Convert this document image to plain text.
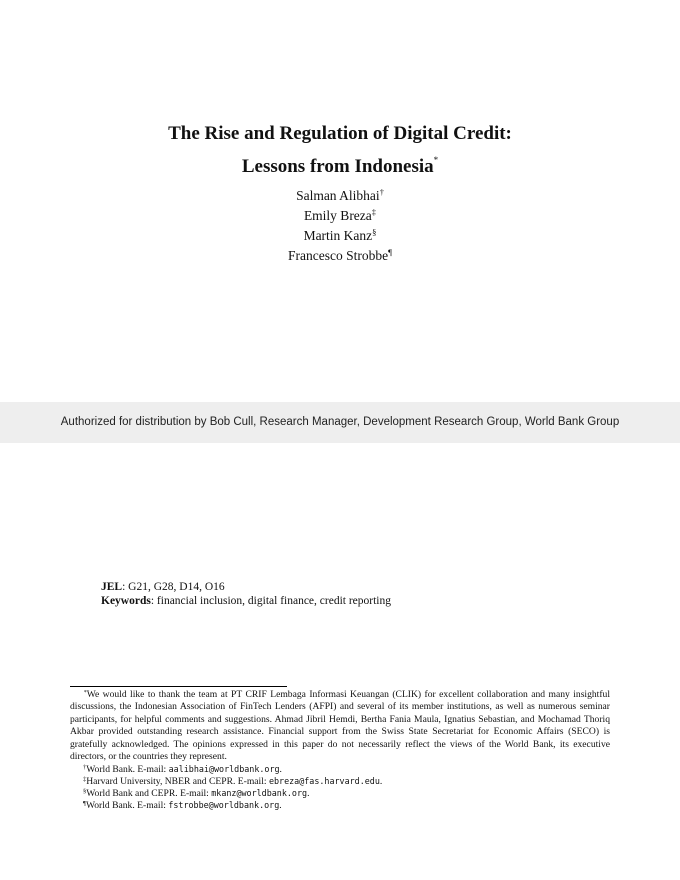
The Rise and Regulation of Digital Credit:
Lessons from Indonesia*
Salman Alibhai†
Emily Breza‡
Martin Kanz§
Francesco Strobbe¶
Authorized for distribution by Bob Cull, Research Manager, Development Research Group, World Bank Group
JEL: G21, G28, D14, O16
Keywords: financial inclusion, digital finance, credit reporting
*We would like to thank the team at PT CRIF Lembaga Informasi Keuangan (CLIK) for excellent collaboration and many insightful discussions, the Indonesian Association of FinTech Lenders (AFPI) and several of its member institutions, as well as numerous seminar participants, for helpful comments and suggestions. Ahmad Jibril Hemdi, Bertha Fania Maula, Ignatius Sebastian, and Mochamad Thoriq Akbar provided outstanding research assistance. Financial support from the Swiss State Secretariat for Economic Affairs (SECO) is gratefully acknowledged. The opinions expressed in this paper do not necessarily reflect the views of the World Bank, its executive directors, or the countries they represent.
†World Bank. E-mail: aalibhai@worldbank.org.
‡Harvard University, NBER and CEPR. E-mail: ebreza@fas.harvard.edu.
§World Bank and CEPR. E-mail: mkanz@worldbank.org.
¶World Bank. E-mail: fstrobbe@worldbank.org.
